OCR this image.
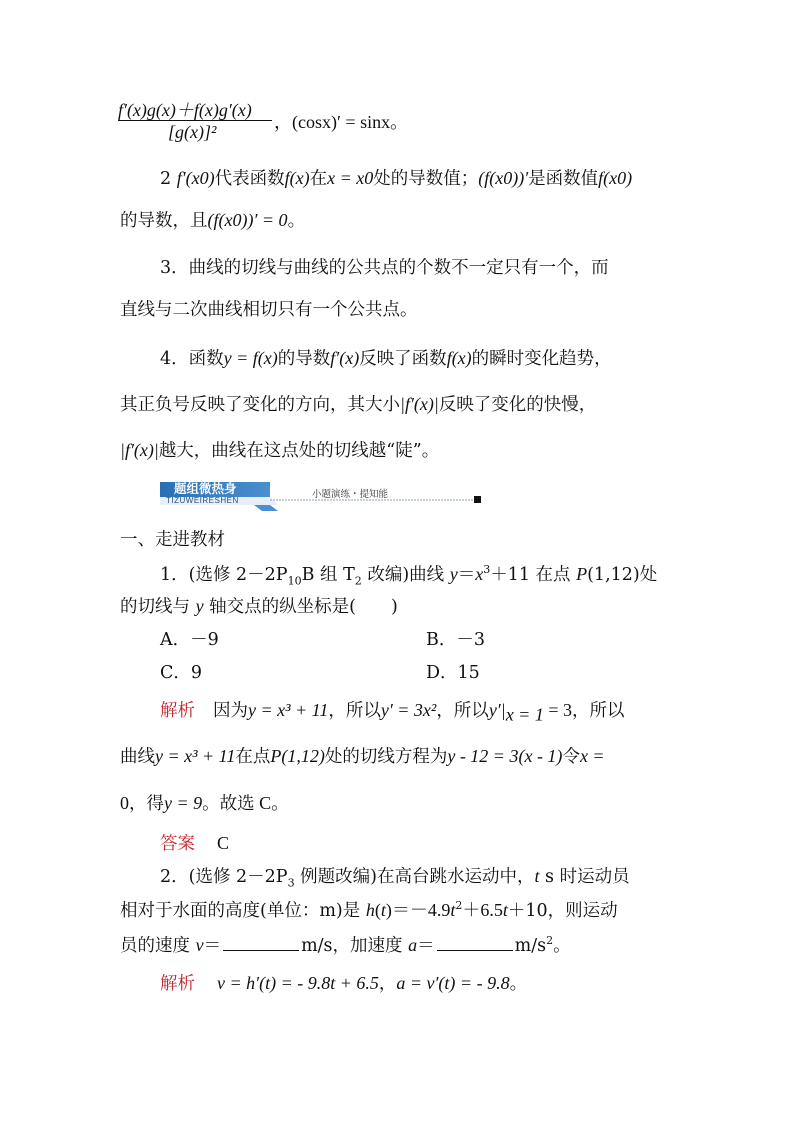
f′(x)g(x)＋f(x)g′(x)
[g(x)]²	，(cosx)′ = sinx。
2 f′(x0)代表函数f(x)在x = x0处的导数值；(f(x0))′是函数值f(x0)
的导数，且(f(x0))′ = 0。
3．曲线的切线与曲线的公共点的个数不一定只有一个，而
直线与二次曲线相切只有一个公共点。
4．函数y = f(x)的导数f′(x)反映了函数f(x)的瞬时变化趋势，
其正负号反映了变化的方向，其大小|f′(x)|反映了变化的快慢，
|f′(x)|越大，曲线在这点处的切线越“陡”。
题组微热身
TIZUWEIRESHEN
小题演练・提知能
一、走进教材
1．(选修 $2-2P_{10}B$ 组 $T_2$ 改编)曲线 $y=x^3+11$ 在点 P(1,12)处
的切线与 y 轴交点的纵坐标是(　　)
A．－9	B．－3
C．9	D．15
解析 因为y = x³ + 11，所以y′ = 3x²，所以$y'|_{x = 1} = 3$，所以
曲线y = x³ + 11在点P(1,12)处的切线方程为y - 12 = 3(x - 1)令x =
0，得y = 9。故选 C。
答案 C
2．(选修 $2-2P_3$ 例题改编)在高台跳水运动中，t s 时运动员
相对于水面的高度(单位：m)是 $h(t)=-4.9t^2+6.5t+10$，则运动
员的速度 v＝	m/s，加速度 a＝	$m/s^2$。
解析 v = h′(t) = - 9.8t + 6.5，a = v′(t) = - 9.8。
